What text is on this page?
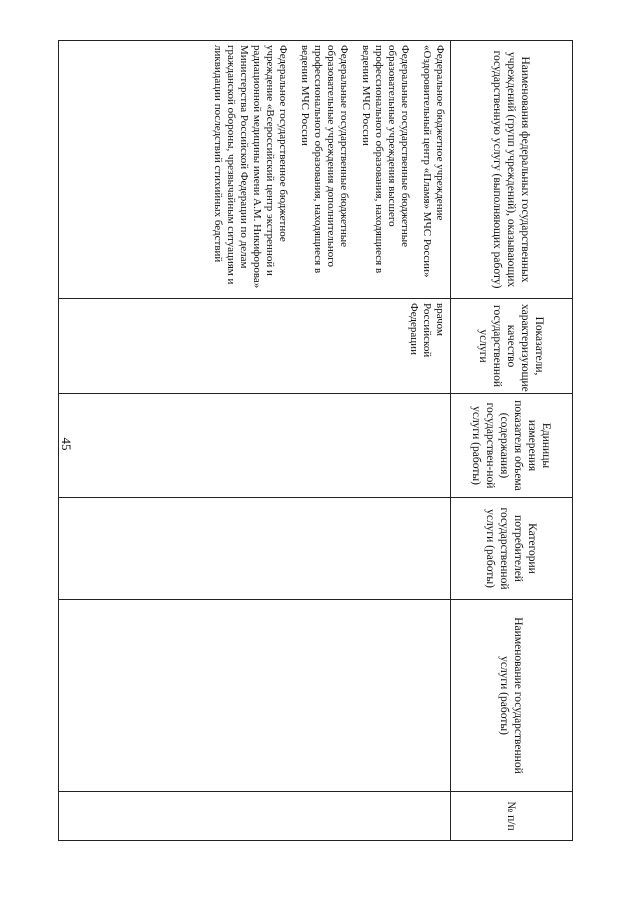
45
Наименования федеральных государственных учреждений (групп учреждений), оказывающих государственную услугу (выполняющих работу)	Показатели, характеризующие качество государственной услуги	Единицы измерения показателя объема (содержания) государствен-ной услуги (работы)	Категории потребителей государственной услуги (работы)	Наименование государственной услуги (работы)	№ п/п

Федеральное бюджетное учреждение «Оздоровительный центр «Пламя» МЧС России»
Федеральные государственные бюджетные образовательные учреждения высшего профессионального образования, находящиеся в ведении МЧС России
Федеральные государственные бюджетные образовательные учреждения дополнительного профессионального образования, находящиеся в ведении МЧС России
Федеральное государственное бюджетное учреждение «Всероссийский центр экстренной и радиационной медицины имени А.М. Никифорова» Министерства Российской Федерации по делам гражданской обороны, чрезвычайным ситуациям и ликвидации последствий стихийных бедствий	врачом Российской Федерации				
